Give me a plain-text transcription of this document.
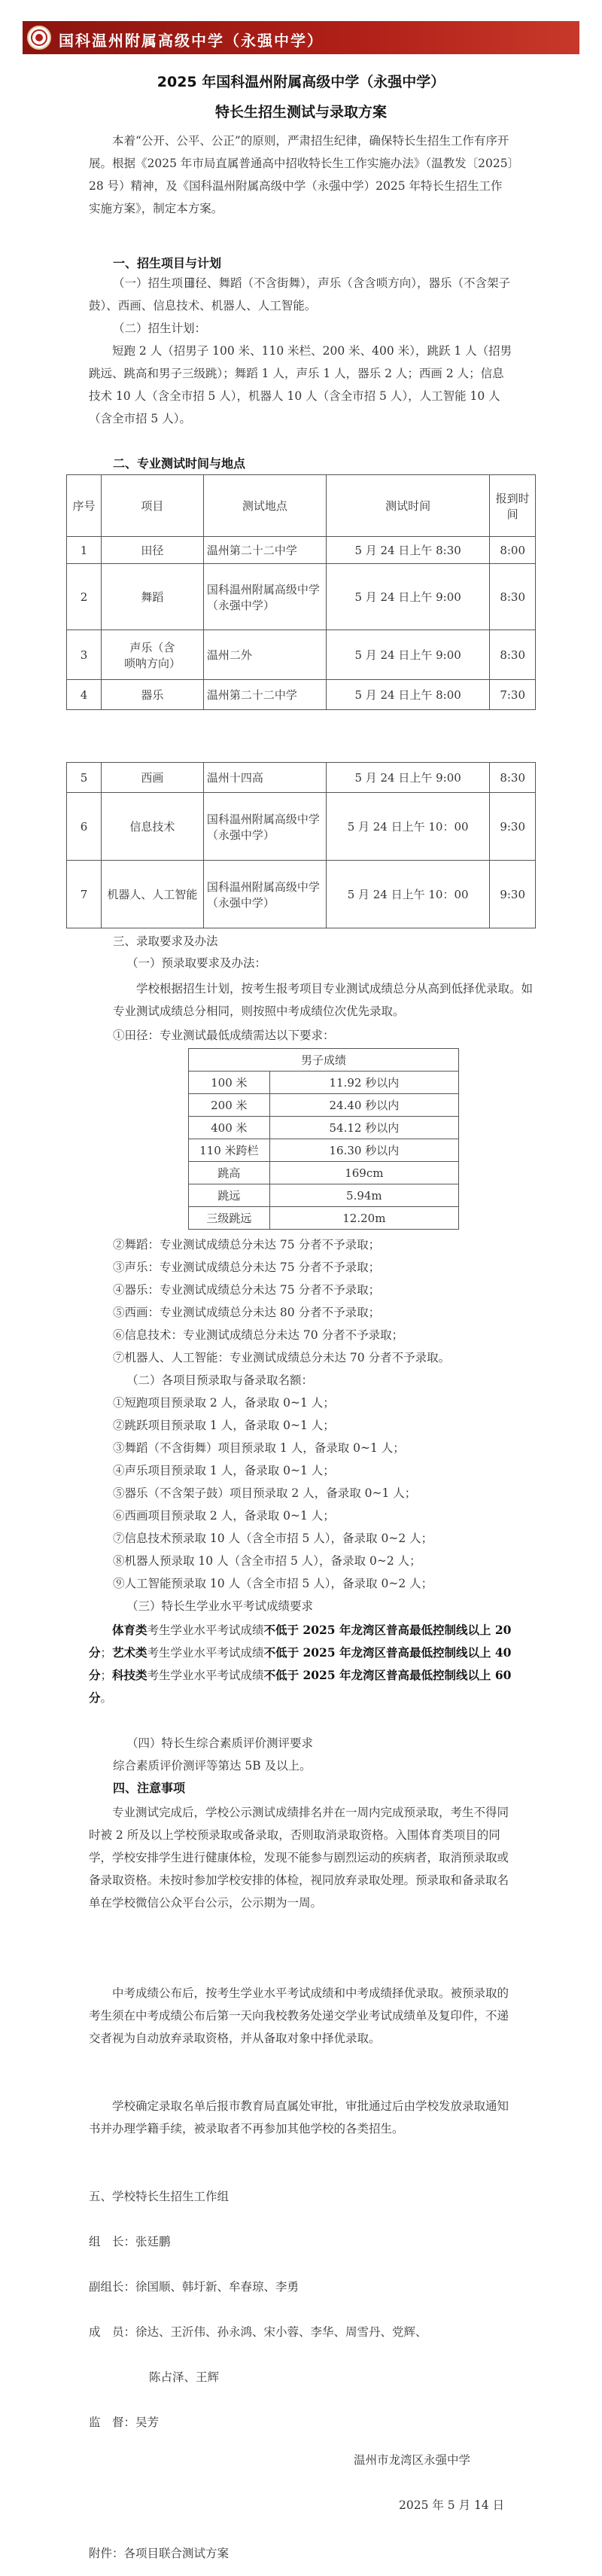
国科温州附属高级中学（永强中学）
2025 年国科温州附属高级中学（永强中学）
特长生招生测试与录取方案

本着“公开、公平、公正”的原则，严肃招生纪律，确保特长生招生工作有序开展。根据《2025 年市局直属普通高中招收特长生工作实施办法》（温教发〔2025〕28 号）精神，及《国科温州附属高级中学（永强中学）2025 年特长生招生工作实施方案》，制定本方案。

一、招生项目与计划
（一）招生项目：

田径、舞蹈（不含街舞），声乐（含含唢方向），器乐（不含架子鼓）、西画、信息技术、机器人、人工智能。

（二）招生计划：

短跑 2 人（招男子 100 米、110 米栏、200 米、400 米），跳跃 1 人（招男跳远、跳高和男子三级跳）；舞蹈 1 人，声乐 1 人，器乐 2 人；西画 2 人；信息技术 10 人（含全市招 5 人），机器人 10 人（含全市招 5 人），人工智能 10 人（含全市招 5 人）。

二、专业测试时间与地点
序号	项目	测试地点	测试时间	报到时间
1	田径	温州第二十二中学	5 月 24 日上午 8:30	8:00
2	舞蹈	国科温州附属高级中学（永强中学）	5 月 24 日上午 9:00	8:30
3	声乐（含唢呐方向）	温州二外	5 月 24 日上午 9:00	8:30
4	器乐	温州第二十二中学	5 月 24 日上午 8:00	7:30
5	西画	温州十四高	5 月 24 日上午 9:00	8:30
6	信息技术	国科温州附属高级中学（永强中学）	5 月 24 日上午 10：00	9:30
7	机器人、人工智能	国科温州附属高级中学（永强中学）	5 月 24 日上午 10：00	9:30
三、录取要求及办法
（一）预录取要求及办法：

学校根据招生计划，按考生报考项目专业测试成绩总分从高到低择优录取。如专业测试成绩总分相同，则按照中考成绩位次优先录取。

①田径：专业测试最低成绩需达以下要求：
男子成绩	
100 米	11.92 秒以内
200 米	24.40 秒以内
400 米	54.12 秒以内
110 米跨栏	16.30 秒以内
跳高	169cm
跳远	5.94m
三级跳远	12.20m
②舞蹈：专业测试成绩总分未达 75 分者不予录取；
③声乐：专业测试成绩总分未达 75 分者不予录取；
④器乐：专业测试成绩总分未达 75 分者不予录取；
⑤西画：专业测试成绩总分未达 80 分者不予录取；
⑥信息技术：专业测试成绩总分未达 70 分者不予录取；
⑦机器人、人工智能：专业测试成绩总分未达 70 分者不予录取。
（二）各项目预录取与备录取名额：
①短跑项目预录取 2 人，备录取 0~1 人；
②跳跃项目预录取 1 人，备录取 0~1 人；
③舞蹈（不含街舞）项目预录取 1 人，备录取 0~1 人；
④声乐项目预录取 1 人，备录取 0~1 人；
⑤器乐（不含架子鼓）项目预录取 2 人，备录取 0~1 人；
⑥西画项目预录取 2 人，备录取 0~1 人；
⑦信息技术预录取 10 人（含全市招 5 人），备录取 0~2 人；
⑧机器人预录取 10 人（含全市招 5 人），备录取 0~2 人；
⑨人工智能预录取 10 人（含全市招 5 人），备录取 0~2 人；
（三）特长生学业水平考试成绩要求

体育类考生学业水平考试成绩不低于 2025 年龙湾区普高最低控制线以上 20 分；艺术类考生学业水平考试成绩不低于 2025 年龙湾区普高最低控制线以上 40 分；科技类考生学业水平考试成绩不低于 2025 年龙湾区普高最低控制线以上 60 分。

（四）特长生综合素质评价测评要求
综合素质评价测评等第达 5B 及以上。
四、注意事项

专业测试完成后，学校公示测试成绩排名并在一周内完成预录取，考生不得同时被 2 所及以上学校预录取或备录取，否则取消录取资格。入围体育类项目的同学，学校安排学生进行健康体检，发现不能参与剧烈运动的疾病者，取消预录取或备录取资格。未按时参加学校安排的体检，视同放弃录取处理。预录取和备录取名单在学校微信公众平台公示，公示期为一周。

中考成绩公布后，按考生学业水平考试成绩和中考成绩择优录取。被预录取的考生须在中考成绩公布后第一天向我校教务处递交学业考试成绩单及复印件，不递交者视为自动放弃录取资格，并从备取对象中择优录取。

学校确定录取名单后报市教育局直属处审批，审批通过后由学校发放录取通知书并办理学籍手续，被录取者不再参加其他学校的各类招生。

五、学校特长生招生工作组
组　长：张廷鹏
副组长：徐国顺、韩圩新、牟春琼、李勇
成　员：徐达、王沂伟、孙永鸿、宋小蓉、李华、周雪丹、党辉、
陈占泽、王辉
监　督：吴芳
温州市龙湾区永强中学
2025 年 5 月 14 日
附件：各项目联合测试方案
